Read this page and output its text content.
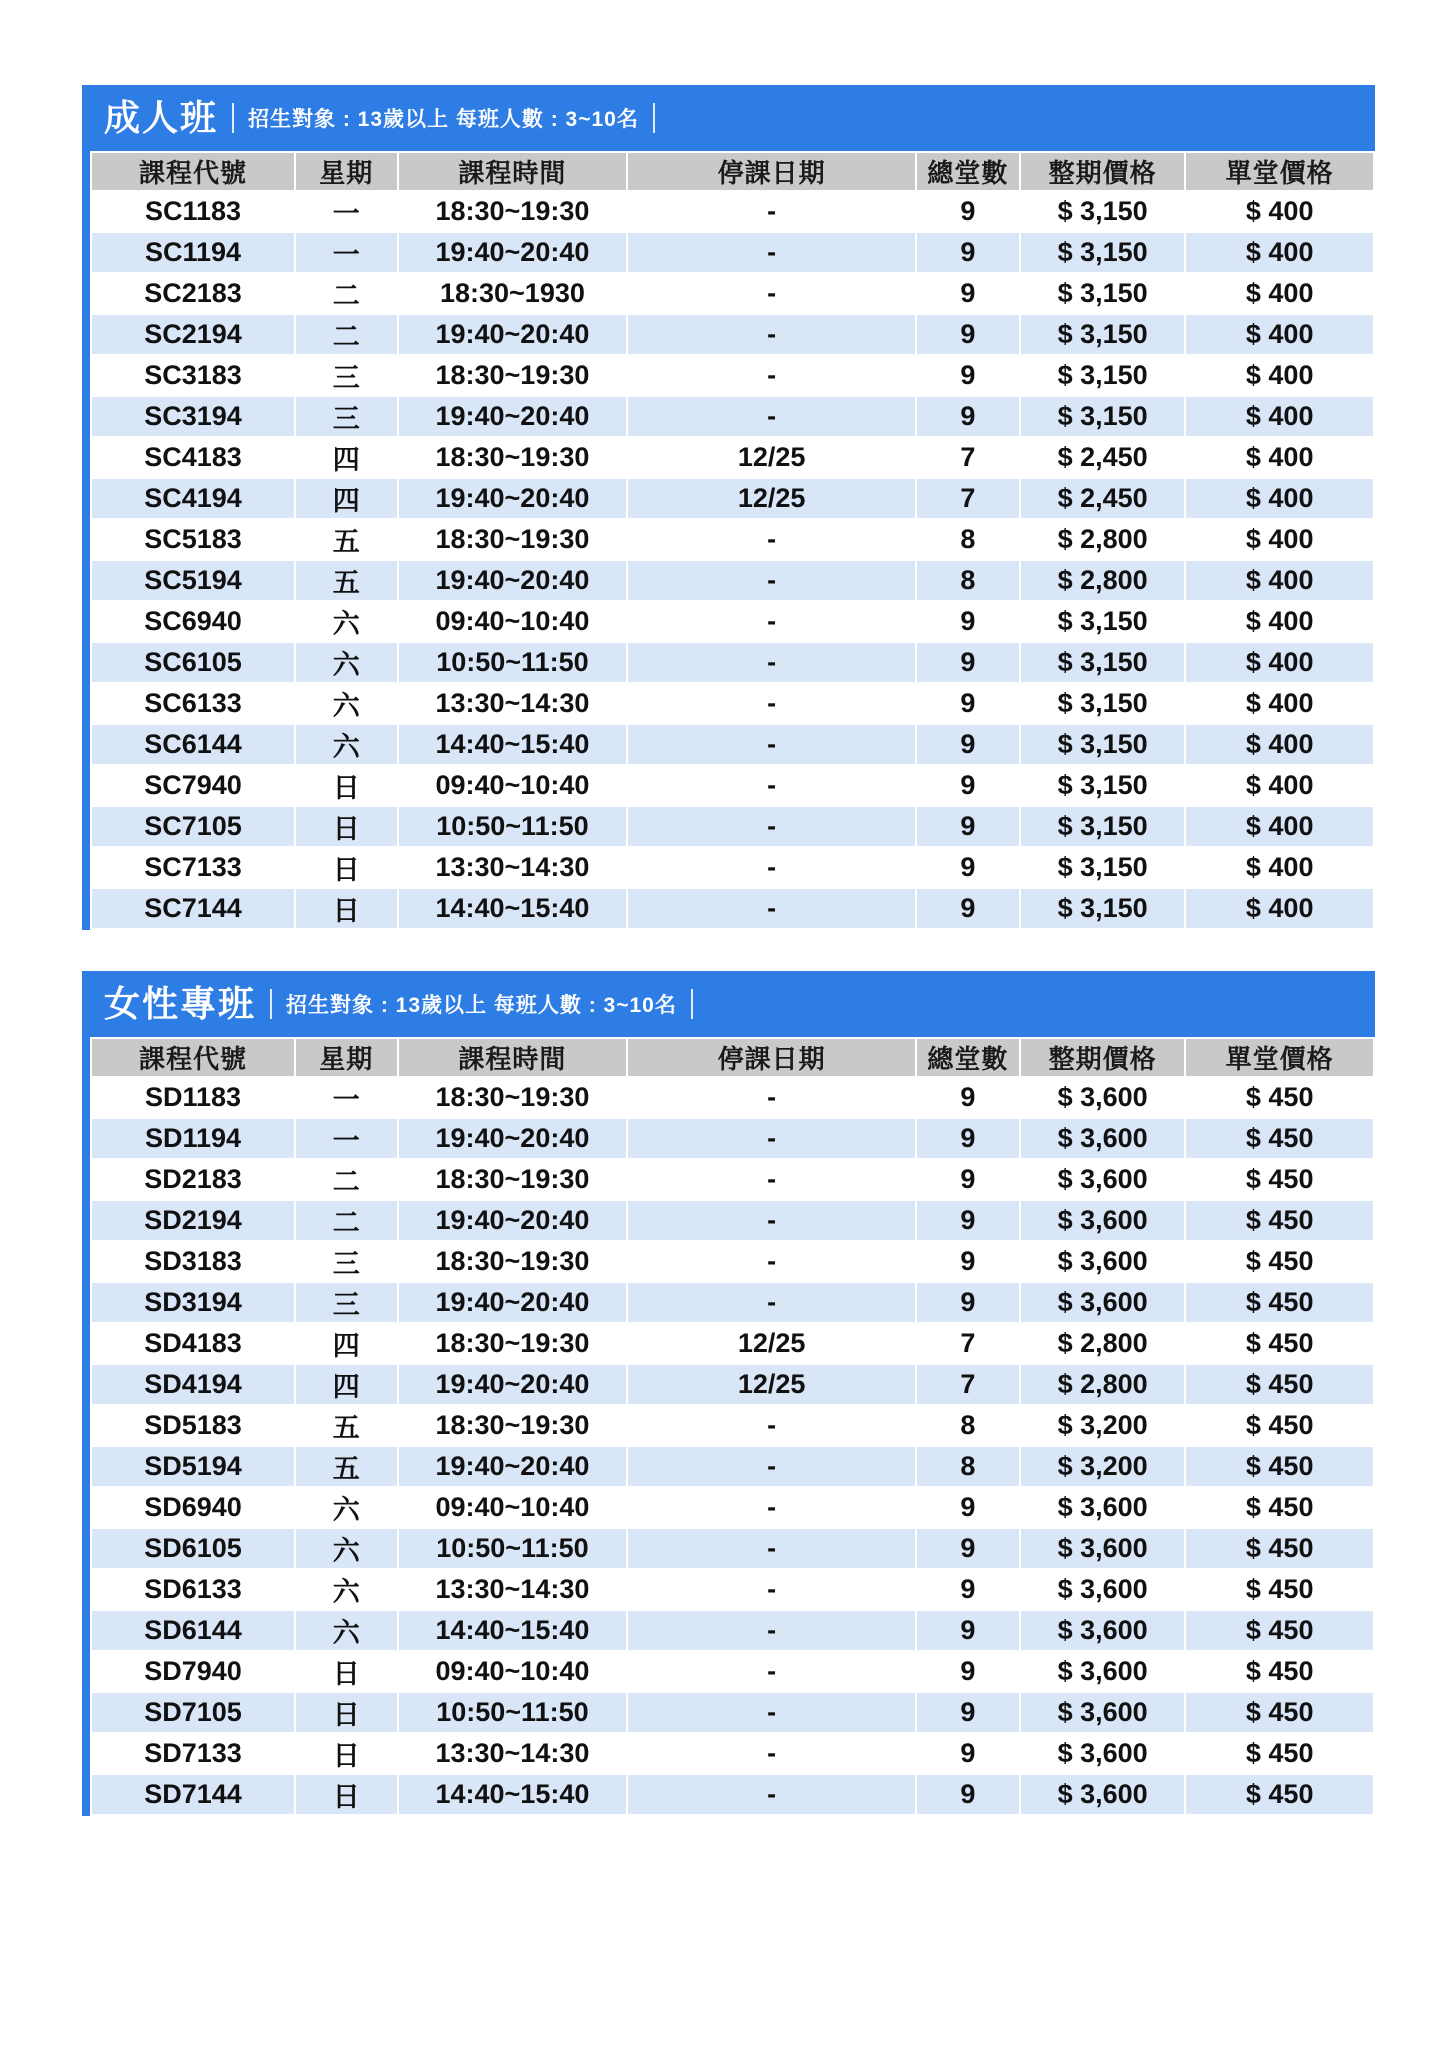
成人班 招生對象 : 13歲以上 每班人數 : 3~10名
課程代號	星期	課程時間	停課日期	總堂數	整期價格	單堂價格
SC1183	一	18:30~19:30	-	9	$ 3,150	$ 400
SC1194	一	19:40~20:40	-	9	$ 3,150	$ 400
SC2183	二	18:30~1930	-	9	$ 3,150	$ 400
SC2194	二	19:40~20:40	-	9	$ 3,150	$ 400
SC3183	三	18:30~19:30	-	9	$ 3,150	$ 400
SC3194	三	19:40~20:40	-	9	$ 3,150	$ 400
SC4183	四	18:30~19:30	12/25	7	$ 2,450	$ 400
SC4194	四	19:40~20:40	12/25	7	$ 2,450	$ 400
SC5183	五	18:30~19:30	-	8	$ 2,800	$ 400
SC5194	五	19:40~20:40	-	8	$ 2,800	$ 400
SC6940	六	09:40~10:40	-	9	$ 3,150	$ 400
SC6105	六	10:50~11:50	-	9	$ 3,150	$ 400
SC6133	六	13:30~14:30	-	9	$ 3,150	$ 400
SC6144	六	14:40~15:40	-	9	$ 3,150	$ 400
SC7940	日	09:40~10:40	-	9	$ 3,150	$ 400
SC7105	日	10:50~11:50	-	9	$ 3,150	$ 400
SC7133	日	13:30~14:30	-	9	$ 3,150	$ 400
SC7144	日	14:40~15:40	-	9	$ 3,150	$ 400
女性專班 招生對象 : 13歲以上 每班人數 : 3~10名
課程代號	星期	課程時間	停課日期	總堂數	整期價格	單堂價格
SD1183	一	18:30~19:30	-	9	$ 3,600	$ 450
SD1194	一	19:40~20:40	-	9	$ 3,600	$ 450
SD2183	二	18:30~19:30	-	9	$ 3,600	$ 450
SD2194	二	19:40~20:40	-	9	$ 3,600	$ 450
SD3183	三	18:30~19:30	-	9	$ 3,600	$ 450
SD3194	三	19:40~20:40	-	9	$ 3,600	$ 450
SD4183	四	18:30~19:30	12/25	7	$ 2,800	$ 450
SD4194	四	19:40~20:40	12/25	7	$ 2,800	$ 450
SD5183	五	18:30~19:30	-	8	$ 3,200	$ 450
SD5194	五	19:40~20:40	-	8	$ 3,200	$ 450
SD6940	六	09:40~10:40	-	9	$ 3,600	$ 450
SD6105	六	10:50~11:50	-	9	$ 3,600	$ 450
SD6133	六	13:30~14:30	-	9	$ 3,600	$ 450
SD6144	六	14:40~15:40	-	9	$ 3,600	$ 450
SD7940	日	09:40~10:40	-	9	$ 3,600	$ 450
SD7105	日	10:50~11:50	-	9	$ 3,600	$ 450
SD7133	日	13:30~14:30	-	9	$ 3,600	$ 450
SD7144	日	14:40~15:40	-	9	$ 3,600	$ 450
